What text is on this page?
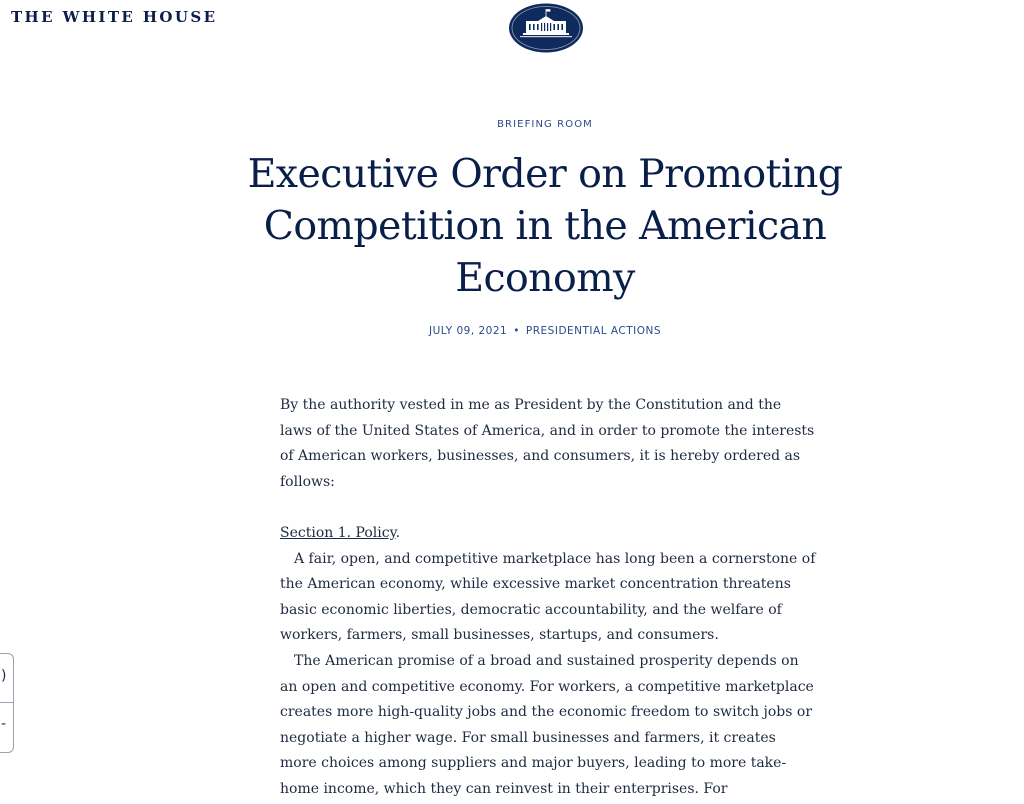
THE WHITE HOUSE
BRIEFING ROOM
Executive Order on Promoting Competition in the American Economy
JULY 09, 2021 • PRESIDENTIAL ACTIONS

By the authority vested in me as President by the Constitution and the laws of the United States of America, and in order to promote the interests of American workers, businesses, and consumers, it is hereby ordered as follows:

Section 1. Policy.

A fair, open, and competitive marketplace has long been a cornerstone of the American economy, while excessive market concentration threatens basic economic liberties, democratic accountability, and the welfare of workers, farmers, small businesses, startups, and consumers.

The American promise of a broad and sustained prosperity depends on an open and competitive economy. For workers, a competitive marketplace creates more high-quality jobs and the economic freedom to switch jobs or negotiate a higher wage. For small businesses and farmers, it creates more choices among suppliers and major buyers, leading to more take-home income, which they can reinvest in their enterprises. For

)
-
